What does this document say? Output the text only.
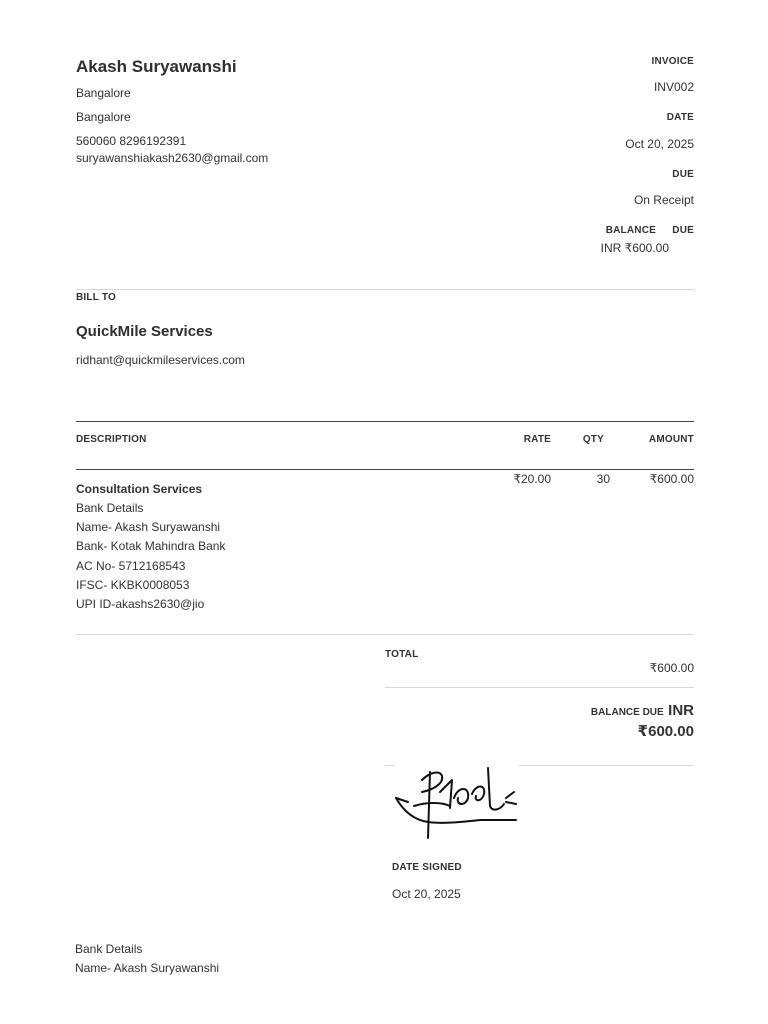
Akash Suryawanshi
Bangalore
Bangalore
560060 8296192391
suryawanshiakash2630@gmail.com
INVOICE
INV002
DATE
Oct 20, 2025
DUE
On Receipt
BALANCE DUE
INR ₹600.00
BILL TO
QuickMile Services
ridhant@quickmileservices.com
DESCRIPTION	RATE	QTY	AMOUNT
Consultation Services
Bank Details
Name- Akash Suryawanshi
Bank- Kotak Mahindra Bank
AC No- 5712168543
IFSC- KKBK0008053
UPI ID-akashs2630@jio
₹20.00	30	₹600.00
TOTAL
₹600.00
BALANCE DUE INR
₹600.00
DATE SIGNED
Oct 20, 2025
Bank Details
Name- Akash Suryawanshi
